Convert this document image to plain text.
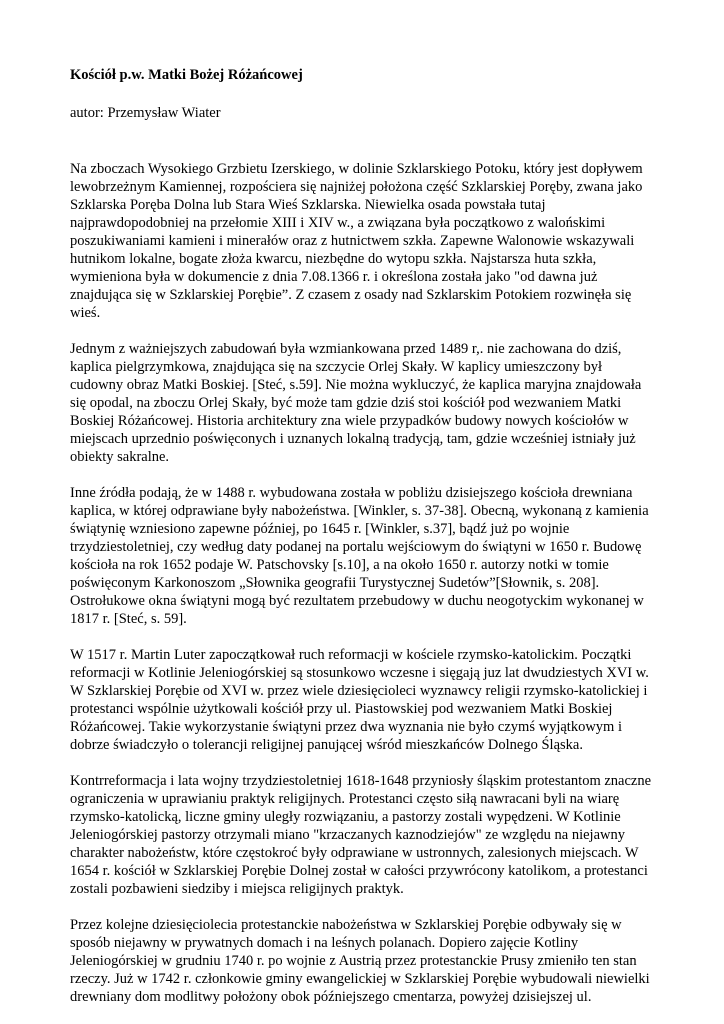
Kościół p.w. Matki Bożej Różańcowej

autor: Przemysław Wiater

Na zboczach Wysokiego Grzbietu Izerskiego, w dolinie Szklarskiego Potoku, który jest dopływem
lewobrzeżnym Kamiennej, rozpościera się najniżej położona część Szklarskiej Poręby, zwana jako
Szklarska Poręba Dolna lub Stara Wieś Szklarska. Niewielka osada powstała tutaj
najprawdopodobniej na przełomie XIII i XIV w., a związana była początkowo z walońskimi
poszukiwaniami kamieni i minerałów oraz z hutnictwem szkła. Zapewne Walonowie wskazywali
hutnikom lokalne, bogate złoża kwarcu, niezbędne do wytopu szkła. Najstarsza huta szkła,
wymieniona była w dokumencie z dnia 7.08.1366 r. i określona została jako "od dawna już
znajdująca się w Szklarskiej Porębie”. Z czasem z osady nad Szklarskim Potokiem rozwinęła się
wieś.

Jednym z ważniejszych zabudowań była wzmiankowana przed 1489 r,. nie zachowana do dziś,
kaplica pielgrzymkowa, znajdująca się na szczycie Orlej Skały. W kaplicy umieszczony był
cudowny obraz Matki Boskiej. [Steć, s.59]. Nie można wykluczyć, że kaplica maryjna znajdowała
się opodal, na zboczu Orlej Skały, być może tam gdzie dziś stoi kościół pod wezwaniem Matki
Boskiej Różańcowej. Historia architektury zna wiele przypadków budowy nowych kościołów w
miejscach uprzednio poświęconych i uznanych lokalną tradycją, tam, gdzie wcześniej istniały już
obiekty sakralne.

Inne źródła podają, że w 1488 r. wybudowana została w pobliżu dzisiejszego kościoła drewniana
kaplica, w której odprawiane były nabożeństwa. [Winkler, s. 37-38]. Obecną, wykonaną z kamienia
świątynię wzniesiono zapewne później, po 1645 r. [Winkler, s.37], bądź już po wojnie
trzydziestoletniej, czy według daty podanej na portalu wejściowym do świątyni w 1650 r. Budowę
kościoła na rok 1652 podaje W. Patschovsky [s.10], a na około 1650 r. autorzy notki w tomie
poświęconym Karkonoszom „Słownika geografii Turystycznej Sudetów”[Słownik, s. 208].
Ostrołukowe okna świątyni mogą być rezultatem przebudowy w duchu neogotyckim wykonanej w
1817 r. [Steć, s. 59].

W 1517 r. Martin Luter zapoczątkował ruch reformacji w kościele rzymsko-katolickim. Początki
reformacji w Kotlinie Jeleniogórskiej są stosunkowo wczesne i sięgają juz lat dwudziestych XVI w.
W Szklarskiej Porębie od XVI w. przez wiele dziesięcioleci wyznawcy religii rzymsko-katolickiej i
protestanci wspólnie użytkowali kościół przy ul. Piastowskiej pod wezwaniem Matki Boskiej
Różańcowej. Takie wykorzystanie świątyni przez dwa wyznania nie było czymś wyjątkowym i
dobrze świadczyło o tolerancji religijnej panującej wśród mieszkańców Dolnego Śląska.

Kontrreformacja i lata wojny trzydziestoletniej 1618-1648 przyniosły śląskim protestantom znaczne
ograniczenia w uprawianiu praktyk religijnych. Protestanci często siłą nawracani byli na wiarę
rzymsko-katolicką, liczne gminy uległy rozwiązaniu, a pastorzy zostali wypędzeni. W Kotlinie
Jeleniogórskiej pastorzy otrzymali miano "krzaczanych kaznodziejów" ze względu na niejawny
charakter nabożeństw, które częstokroć były odprawiane w ustronnych, zalesionych miejscach. W
1654 r. kościół w Szklarskiej Porębie Dolnej został w całości przywrócony katolikom, a protestanci
zostali pozbawieni siedziby i miejsca religijnych praktyk.

Przez kolejne dziesięciolecia protestanckie nabożeństwa w Szklarskiej Porębie odbywały się w
sposób niejawny w prywatnych domach i na leśnych polanach. Dopiero zajęcie Kotliny
Jeleniogórskiej w grudniu 1740 r. po wojnie z Austrią przez protestanckie Prusy zmieniło ten stan
rzeczy. Już w 1742 r. członkowie gminy ewangelickiej w Szklarskiej Porębie wybudowali niewielki
drewniany dom modlitwy położony obok późniejszego cmentarza, powyżej dzisiejszej ul.
